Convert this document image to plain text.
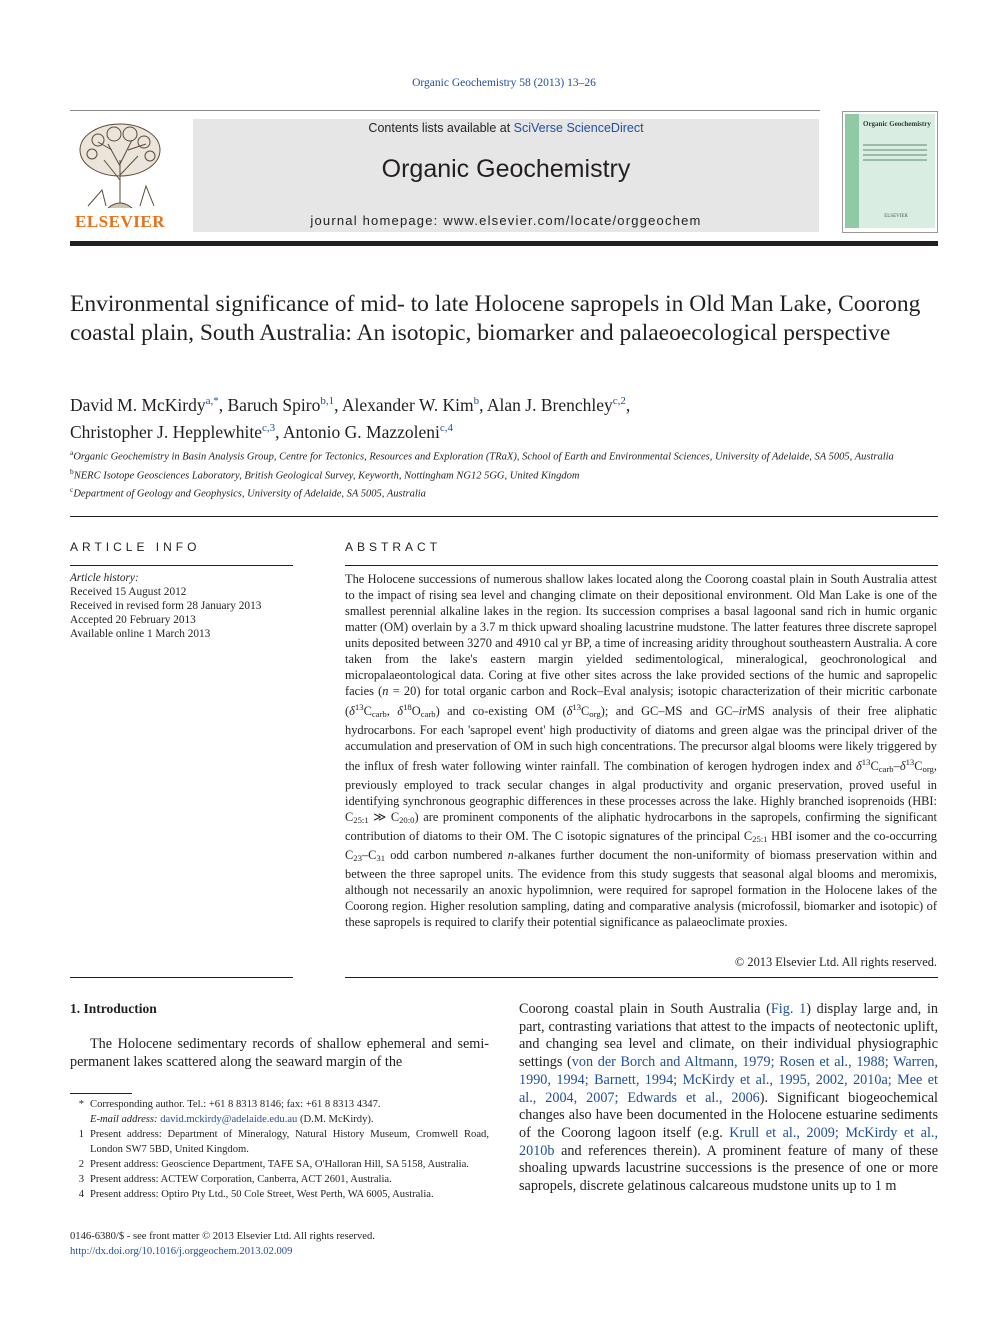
Organic Geochemistry 58 (2013) 13–26
ELSEVIER
Contents lists available at SciVerse ScienceDirect
Organic Geochemistry
journal homepage: www.elsevier.com/locate/orggeochem
Organic Geochemistry
ELSEVIER
Environmental significance of mid- to late Holocene sapropels in Old Man Lake, Coorong coastal plain, South Australia: An isotopic, biomarker and palaeoecological perspective
David M. McKirdy$^{a,*}$, Baruch Spiro$^{b,1}$, Alexander W. Kim$^b$, Alan J. Brenchley$^{c,2}$,
Christopher J. Hepplewhite$^{c,3}$, Antonio G. Mazzoleni$^{c,4}$

$^a$Organic Geochemistry in Basin Analysis Group, Centre for Tectonics, Resources and Exploration (TRaX), School of Earth and Environmental Sciences, University of Adelaide, SA 5005, Australia

$^b$NERC Isotope Geosciences Laboratory, British Geological Survey, Keyworth, Nottingham NG12 5GG, United Kingdom

$^c$Department of Geology and Geophysics, University of Adelaide, SA 5005, Australia

ARTICLE INFO
Article history:
Received 15 August 2012
Received in revised form 28 January 2013
Accepted 20 February 2013
Available online 1 March 2013
ABSTRACT
The Holocene successions of numerous shallow lakes located along the Coorong coastal plain in South Australia attest to the impact of rising sea level and changing climate on their depositional environment. Old Man Lake is one of the smallest perennial alkaline lakes in the region. Its succession comprises a basal lagoonal sand rich in humic organic matter (OM) overlain by a 3.7 m thick upward shoaling lacustrine mudstone. The latter features three discrete sapropel units deposited between 3270 and 4910 cal yr BP, a time of increasing aridity throughout southeastern Australia. A core taken from the lake's eastern margin yielded sedimentological, mineralogical, geochronological and micropalaeontological data. Coring at five other sites across the lake provided sections of the humic and sapropelic facies (n = 20) for total organic carbon and Rock–Eval analysis; isotopic characterization of their micritic carbonate ($\delta^{13}C_{carb}$, $\delta^{18}O_{carb}$) and co-existing OM $(\delta^{13}C_{org})$; and GC–MS and GC–irMS analysis of their free aliphatic hydrocarbons. For each 'sapropel event' high productivity of diatoms and green algae was the principal driver of the accumulation and preservation of OM in such high concentrations. The precursor algal blooms were likely triggered by the influx of fresh water following winter rainfall. The combination of kerogen hydrogen index and $\delta^{13}C_{carb}-\delta^{13}C_{org}$, previously employed to track secular changes in algal productivity and organic preservation, proved useful in identifying synchronous geographic differences in these processes across the lake. Highly branched isoprenoids (HBI: $C_{25:1}$ ≫ $C_{20:0}$) are prominent components of the aliphatic hydrocarbons in the sapropels, confirming the significant contribution of diatoms to their OM. The C isotopic signatures of the principal $C_{25:1}$ HBI isomer and the co-occurring $C_{23}-C_{31}$ odd carbon numbered n-alkanes further document the non-uniformity of biomass preservation within and between the three sapropel units. The evidence from this study suggests that seasonal algal blooms and meromixis, although not necessarily an anoxic hypolimnion, were required for sapropel formation in the Holocene lakes of the Coorong region. Higher resolution sampling, dating and comparative analysis (microfossil, biomarker and isotopic) of these sapropels is required to clarify their potential significance as palaeoclimate proxies.
© 2013 Elsevier Ltd. All rights reserved.
1. Introduction
The Holocene sedimentary records of shallow ephemeral and semi-permanent lakes scattered along the seaward margin of the
Coorong coastal plain in South Australia (Fig. 1) display large and, in part, contrasting variations that attest to the impacts of neotectonic uplift, and changing sea level and climate, on their individual physiographic settings (von der Borch and Altmann, 1979; Rosen et al., 1988; Warren, 1990, 1994; Barnett, 1994; McKirdy et al., 1995, 2002, 2010a; Mee et al., 2004, 2007; Edwards et al., 2006). Significant biogeochemical changes also have been documented in the Holocene estuarine sediments of the Coorong lagoon itself (e.g. Krull et al., 2009; McKirdy et al., 2010b and references therein). A prominent feature of many of these shoaling upwards lacustrine successions is the presence of one or more sapropels, discrete gelatinous calcareous mudstone units up to 1 m
* Corresponding author. Tel.: +61 8 8313 8146; fax: +61 8 8313 4347.
E-mail address: david.mckirdy@adelaide.edu.au (D.M. McKirdy).
1 Present address: Department of Mineralogy, Natural History Museum, Cromwell Road, London SW7 5BD, United Kingdom.
2 Present address: Geoscience Department, TAFE SA, O'Halloran Hill, SA 5158, Australia.
3 Present address: ACTEW Corporation, Canberra, ACT 2601, Australia.
4 Present address: Optiro Pty Ltd., 50 Cole Street, West Perth, WA 6005, Australia.
0146-6380/$ - see front matter © 2013 Elsevier Ltd. All rights reserved.
http://dx.doi.org/10.1016/j.orggeochem.2013.02.009
